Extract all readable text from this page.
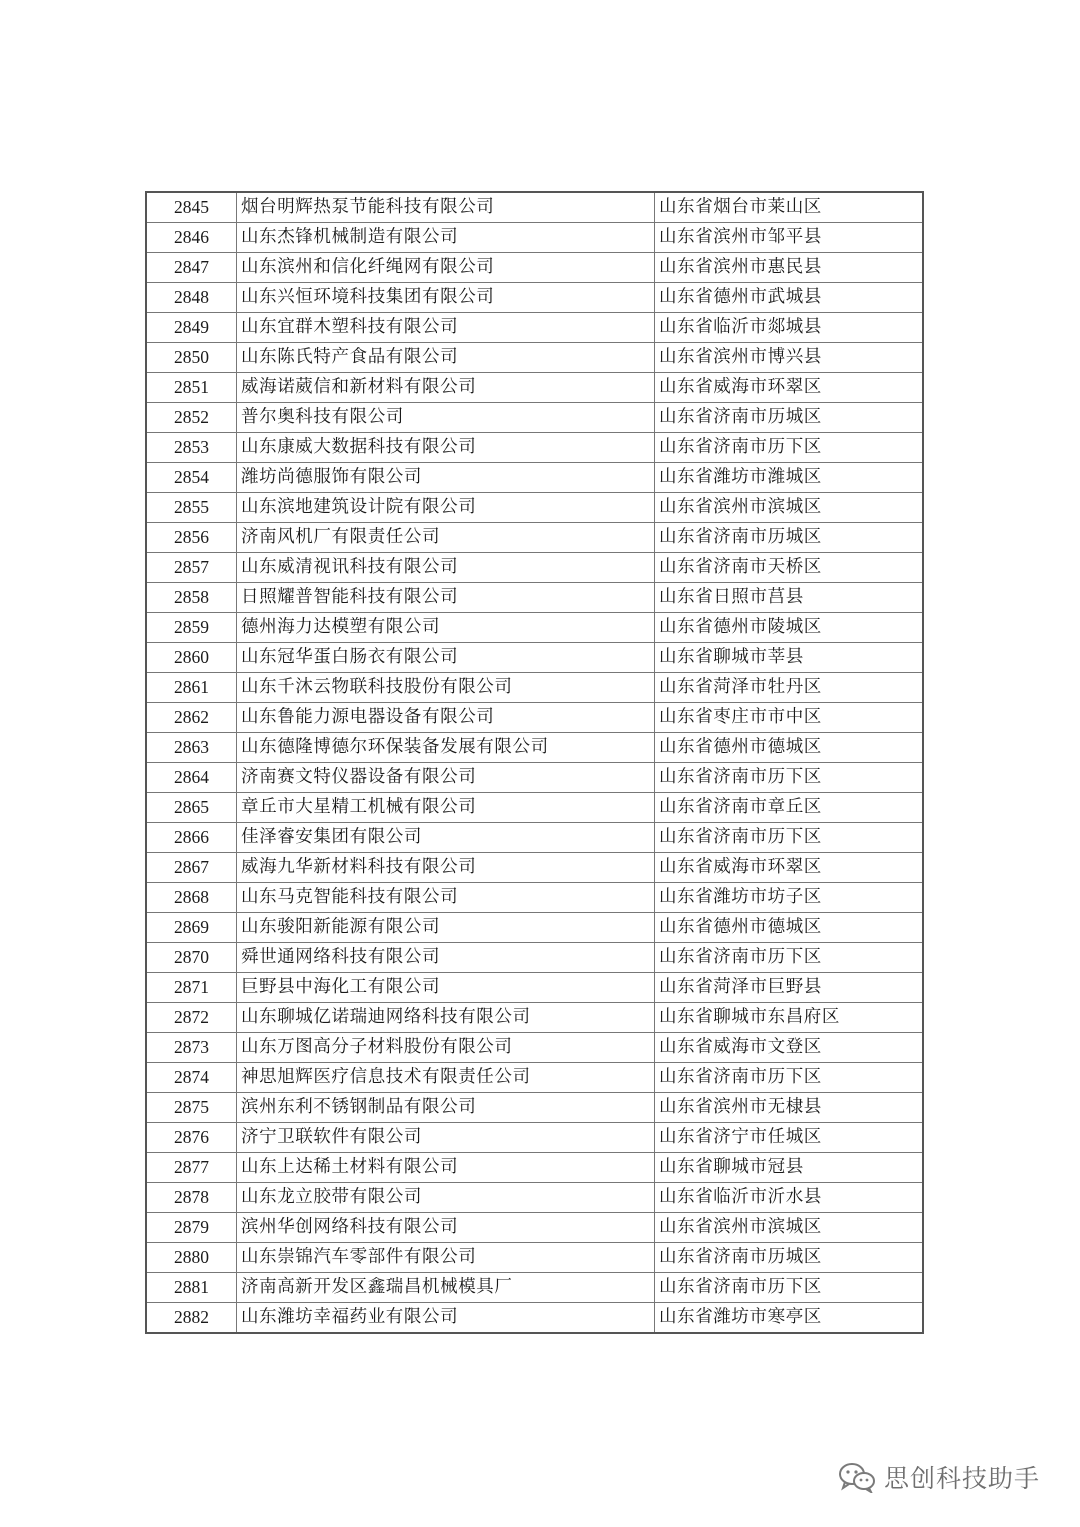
2845	烟台明辉热泵节能科技有限公司	山东省烟台市莱山区
2846	山东杰锋机械制造有限公司	山东省滨州市邹平县
2847	山东滨州和信化纤绳网有限公司	山东省滨州市惠民县
2848	山东兴恒环境科技集团有限公司	山东省德州市武城县
2849	山东宜群木塑科技有限公司	山东省临沂市郯城县
2850	山东陈氏特产食品有限公司	山东省滨州市博兴县
2851	威海诺葳信和新材料有限公司	山东省威海市环翠区
2852	普尔奥科技有限公司	山东省济南市历城区
2853	山东康威大数据科技有限公司	山东省济南市历下区
2854	潍坊尚德服饰有限公司	山东省潍坊市潍城区
2855	山东滨地建筑设计院有限公司	山东省滨州市滨城区
2856	济南风机厂有限责任公司	山东省济南市历城区
2857	山东威清视讯科技有限公司	山东省济南市天桥区
2858	日照耀普智能科技有限公司	山东省日照市莒县
2859	德州海力达模塑有限公司	山东省德州市陵城区
2860	山东冠华蛋白肠衣有限公司	山东省聊城市莘县
2861	山东千沐云物联科技股份有限公司	山东省菏泽市牡丹区
2862	山东鲁能力源电器设备有限公司	山东省枣庄市市中区
2863	山东德隆博德尔环保装备发展有限公司	山东省德州市德城区
2864	济南赛文特仪器设备有限公司	山东省济南市历下区
2865	章丘市大星精工机械有限公司	山东省济南市章丘区
2866	佳泽睿安集团有限公司	山东省济南市历下区
2867	威海九华新材料科技有限公司	山东省威海市环翠区
2868	山东马克智能科技有限公司	山东省潍坊市坊子区
2869	山东骏阳新能源有限公司	山东省德州市德城区
2870	舜世通网络科技有限公司	山东省济南市历下区
2871	巨野县中海化工有限公司	山东省菏泽市巨野县
2872	山东聊城亿诺瑞迪网络科技有限公司	山东省聊城市东昌府区
2873	山东万图高分子材料股份有限公司	山东省威海市文登区
2874	神思旭辉医疗信息技术有限责任公司	山东省济南市历下区
2875	滨州东利不锈钢制品有限公司	山东省滨州市无棣县
2876	济宁卫联软件有限公司	山东省济宁市任城区
2877	山东上达稀土材料有限公司	山东省聊城市冠县
2878	山东龙立胶带有限公司	山东省临沂市沂水县
2879	滨州华创网络科技有限公司	山东省滨州市滨城区
2880	山东崇锦汽车零部件有限公司	山东省济南市历城区
2881	济南高新开发区鑫瑞昌机械模具厂	山东省济南市历下区
2882	山东潍坊幸福药业有限公司	山东省潍坊市寒亭区
思创科技助手
